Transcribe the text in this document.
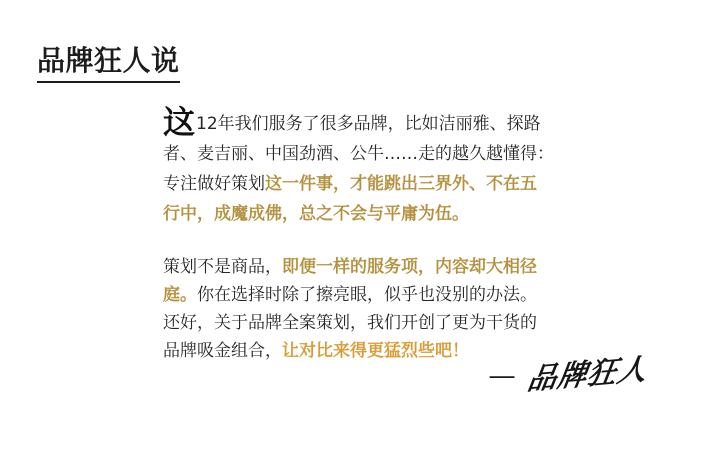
品牌狂人说
这12年我们服务了很多品牌，比如洁丽雅、探路
者、麦吉丽、中国劲酒、公牛……走的越久越懂得：
专注做好策划这一件事，才能跳出三界外、不在五
行中，成魔成佛，总之不会与平庸为伍。
策划不是商品，即便一样的服务项，内容却大相径
庭。你在选择时除了擦亮眼，似乎也没别的办法。
还好，关于品牌全案策划，我们开创了更为干货的
品牌吸金组合，让对比来得更猛烈些吧！
— 品牌狂人
